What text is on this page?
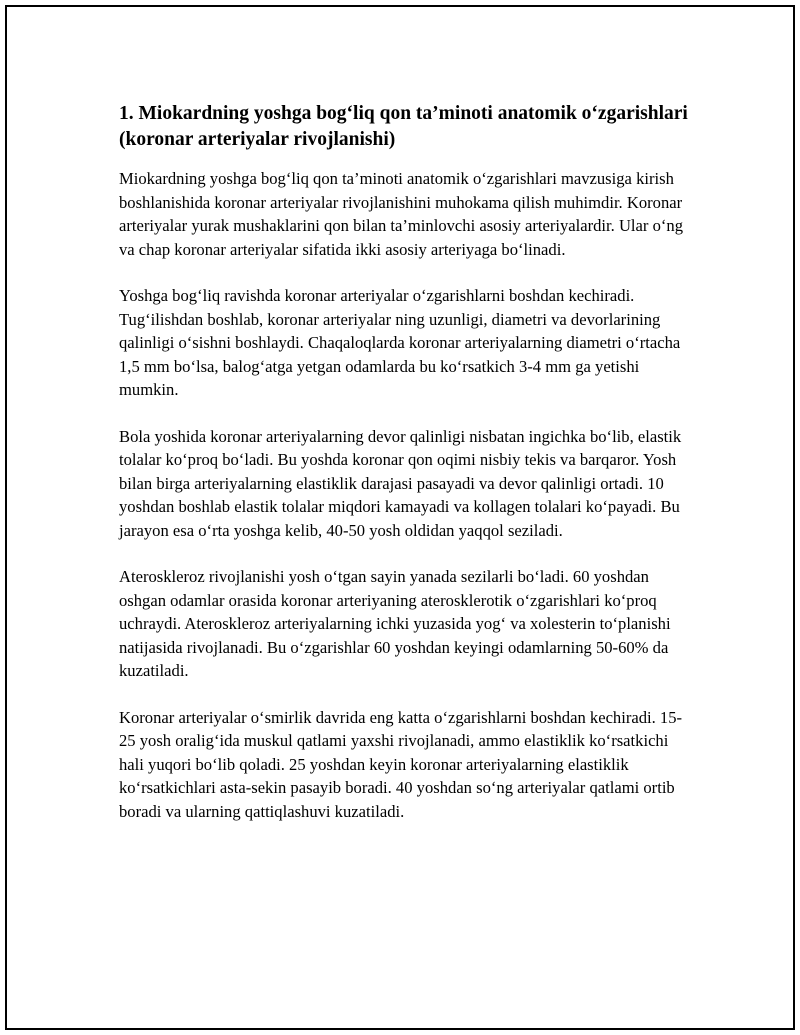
1. Miokardning yoshga bog‘liq qon ta’minoti anatomik o‘zgarishlari (koronar arteriyalar rivojlanishi)

Miokardning yoshga bog‘liq qon ta’minoti anatomik o‘zgarishlari mavzusiga kirish boshlanishida koronar arteriyalar rivojlanishini muhokama qilish muhimdir. Koronar arteriyalar yurak mushaklarini qon bilan ta’minlovchi asosiy arteriyalardir. Ular o‘ng va chap koronar arteriyalar sifatida ikki asosiy arteriyaga bo‘linadi.

Yoshga bog‘liq ravishda koronar arteriyalar o‘zgarishlarni boshdan kechiradi. Tug‘ilishdan boshlab, koronar arteriyalar ning uzunligi, diametri va devorlarining qalinligi o‘sishni boshlaydi. Chaqaloqlarda koronar arteriyalarning diametri o‘rtacha 1,5 mm bo‘lsa, balog‘atga yetgan odamlarda bu ko‘rsatkich 3-4 mm ga yetishi mumkin.

Bola yoshida koronar arteriyalarning devor qalinligi nisbatan ingichka bo‘lib, elastik tolalar ko‘proq bo‘ladi. Bu yoshda koronar qon oqimi nisbiy tekis va barqaror. Yosh bilan birga arteriyalarning elastiklik darajasi pasayadi va devor qalinligi ortadi. 10 yoshdan boshlab elastik tolalar miqdori kamayadi va kollagen tolalari ko‘payadi. Bu jarayon esa o‘rta yoshga kelib, 40-50 yosh oldidan yaqqol seziladi.

Ateroskleroz rivojlanishi yosh o‘tgan sayin yanada sezilarli bo‘ladi. 60 yoshdan oshgan odamlar orasida koronar arteriyaning aterosklerotik o‘zgarishlari ko‘proq uchraydi. Ateroskleroz arteriyalarning ichki yuzasida yog‘ va xolesterin to‘planishi natijasida rivojlanadi. Bu o‘zgarishlar 60 yoshdan keyingi odamlarning 50-60% da kuzatiladi.

Koronar arteriyalar o‘smirlik davrida eng katta o‘zgarishlarni boshdan kechiradi. 15-25 yosh oralig‘ida muskul qatlami yaxshi rivojlanadi, ammo elastiklik ko‘rsatkichi hali yuqori bo‘lib qoladi. 25 yoshdan keyin koronar arteriyalarning elastiklik ko‘rsatkichlari asta-sekin pasayib boradi. 40 yoshdan so‘ng arteriyalar qatlami ortib boradi va ularning qattiqlashuvi kuzatiladi.
